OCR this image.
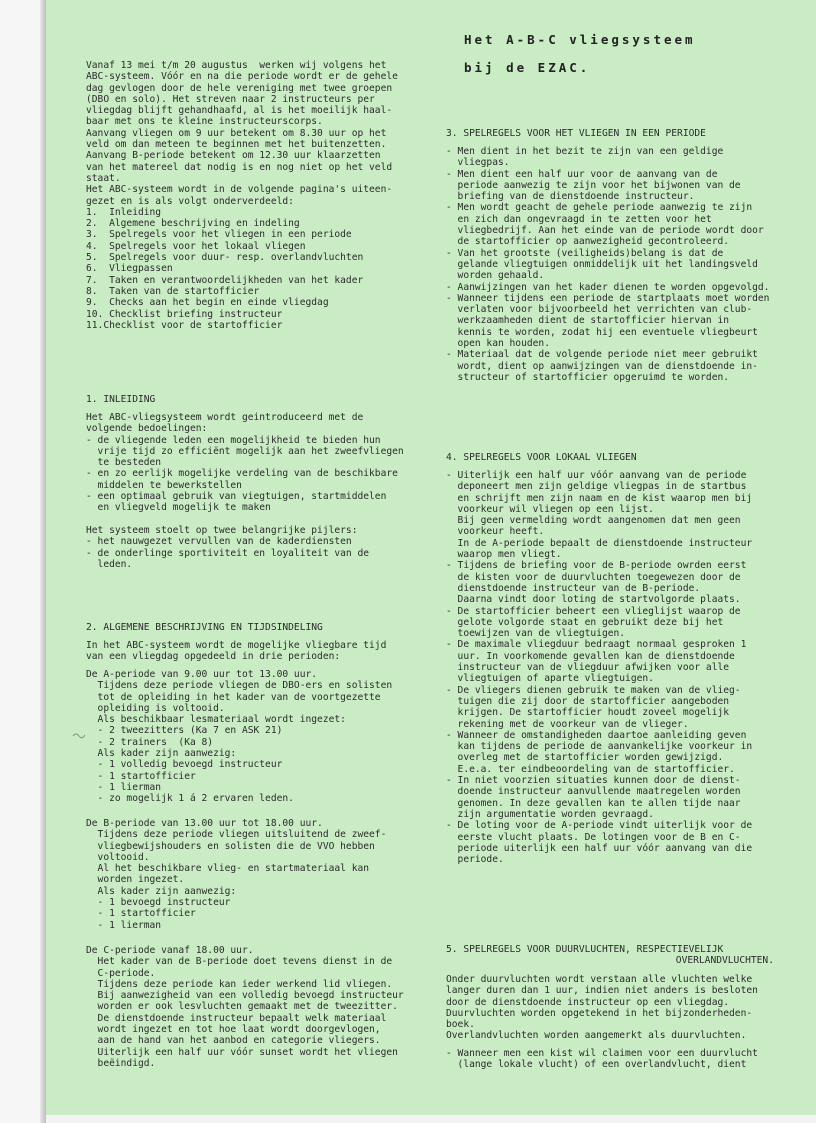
Het A-B-C vliegsysteem
bij de EZAC.
Vanaf 13 mei t/m 20 augustus  werken wij volgens het
ABC-systeem. Vóór en na die periode wordt er de gehele
dag gevlogen door de hele vereniging met twee groepen
(DBO en solo). Het streven naar 2 instructeurs per
vliegdag blijft gehandhaafd, al is het moeilijk haal-
baar met ons te kleine instructeurscorps.
Aanvang vliegen om 9 uur betekent om 8.30 uur op het
veld om dan meteen te beginnen met het buitenzetten.
Aanvang B-periode betekent om 12.30 uur klaarzetten
van het matereel dat nodig is en nog niet op het veld
staat.
Het ABC-systeem wordt in de volgende pagina's uiteen-
gezet en is als volgt onderverdeeld:
1.  Inleiding
2.  Algemene beschrijving en indeling
3.  Spelregels voor het vliegen in een periode
4.  Spelregels voor het lokaal vliegen
5.  Spelregels voor duur- resp. overlandvluchten
6.  Vliegpassen
7.  Taken en verantwoordelijkheden van het kader
8.  Taken van de startofficier
9.  Checks aan het begin en einde vliegdag
10. Checklist briefing instructeur
11.Checklist voor de startofficier
1. INLEIDING
Het ABC-vliegsysteem wordt geintroduceerd met de
volgende bedoelingen:
- de vliegende leden een mogelijkheid te bieden hun
vrije tijd zo efficiënt mogelijk aan het zweefvliegen
te besteden
- en zo eerlijk mogelijke verdeling van de beschikbare
middelen te bewerkstellen
- een optimaal gebruik van viegtuigen, startmiddelen
en vliegveld mogelijk te maken
Het systeem stoelt op twee belangrijke pijlers:
- het nauwgezet vervullen van de kaderdiensten
- de onderlinge sportiviteit en loyaliteit van de
leden.
2. ALGEMENE BESCHRIJVING EN TIJDSINDELING
In het ABC-systeem wordt de mogelijke vliegbare tijd
van een vliegdag opgedeeld in drie perioden:
De A-periode van 9.00 uur tot 13.00 uur.
Tijdens deze periode vliegen de DBO-ers en solisten
tot de opleiding in het kader van de voortgezette
opleiding is voltooid.
Als beschikbaar lesmateriaal wordt ingezet:
- 2 tweezitters (Ka 7 en ASK 21)
- 2 trainers  (Ka 8)
Als kader zijn aanwezig:
- 1 volledig bevoegd instructeur
- 1 startofficier
- 1 lierman
- zo mogelijk 1 á 2 ervaren leden.
De B-periode van 13.00 uur tot 18.00 uur.
Tijdens deze periode vliegen uitsluitend de zweef-
vliegbewijshouders en solisten die de VVO hebben
voltooid.
Al het beschikbare vlieg- en startmateriaal kan
worden ingezet.
Als kader zijn aanwezig:
- 1 bevoegd instructeur
- 1 startofficier
- 1 lierman
De C-periode vanaf 18.00 uur.
Het kader van de B-periode doet tevens dienst in de
C-periode.
Tijdens deze periode kan ieder werkend lid vliegen.
Bij aanwezigheid van een volledig bevoegd instructeur
worden er ook lesvluchten gemaakt met de tweezitter.
De dienstdoende instructeur bepaalt welk materiaal
wordt ingezet en tot hoe laat wordt doorgevlogen,
aan de hand van het aanbod en categorie vliegers.
Uiterlijk een half uur vóór sunset wordt het vliegen
beëindigd.
3. SPELREGELS VOOR HET VLIEGEN IN EEN PERIODE
- Men dient in het bezit te zijn van een geldige
vliegpas.
- Men dient een half uur voor de aanvang van de
periode aanwezig te zijn voor het bijwonen van de
briefing van de dienstdoende instructeur.
- Men wordt geacht de gehele periode aanwezig te zijn
en zich dan ongevraagd in te zetten voor het
vliegbedrijf. Aan het einde van de periode wordt door
de startofficier op aanwezigheid gecontroleerd.
- Van het grootste (veiligheids)belang is dat de
gelande vliegtuigen onmiddelijk uit het landingsveld
worden gehaald.
- Aanwijzingen van het kader dienen te worden opgevolgd.
- Wanneer tijdens een periode de startplaats moet worden
verlaten voor bijvoorbeeld het verrichten van club-
werkzaamheden dient de startofficier hiervan in
kennis te worden, zodat hij een eventuele vliegbeurt
open kan houden.
- Materiaal dat de volgende periode niet meer gebruikt
wordt, dient op aanwijzingen van de dienstdoende in-
structeur of startofficier opgeruimd te worden.
4. SPELREGELS VOOR LOKAAL VLIEGEN
- Uiterlijk een half uur vóór aanvang van de periode
deponeert men zijn geldige vliegpas in de startbus
en schrijft men zijn naam en de kist waarop men bij
voorkeur wil vliegen op een lijst.
Bij geen vermelding wordt aangenomen dat men geen
voorkeur heeft.
In de A-periode bepaalt de dienstdoende instructeur
waarop men vliegt.
- Tijdens de briefing voor de B-periode owrden eerst
de kisten voor de duurvluchten toegewezen door de
dienstdoende instructeur van de B-periode.
Daarna vindt door loting de startvolgorde plaats.
- De startofficier beheert een vlieglijst waarop de
gelote volgorde staat en gebruikt deze bij het
toewijzen van de vliegtuigen.
- De maximale vliegduur bedraagt normaal gesproken 1
uur. In voorkomende gevallen kan de dienstdoende
instructeur van de vliegduur afwijken voor alle
vliegtuigen of aparte vliegtuigen.
- De vliegers dienen gebruik te maken van de vlieg-
tuigen die zij door de startofficier aangeboden
krijgen. De startofficier houdt zoveel mogelijk
rekening met de voorkeur van de vlieger.
- Wanneer de omstandigheden daartoe aanleiding geven
kan tijdens de periode de aanvankelijke voorkeur in
overleg met de startofficier worden gewijzigd.
E.e.a. ter eindbeoordeling van de startofficier.
- In niet voorzien situaties kunnen door de dienst-
doende instructeur aanvullende maatregelen worden
genomen. In deze gevallen kan te allen tijde naar
zijn argumentatie worden gevraagd.
- De loting voor de A-periode vindt uiterlijk voor de
eerste vlucht plaats. De lotingen voor de B en C-
periode uiterlijk een half uur vóór aanvang van die
periode.
5. SPELREGELS VOOR DUURVLUCHTEN, RESPECTIEVELIJK
OVERLANDVLUCHTEN.
Onder duurvluchten wordt verstaan alle vluchten welke
langer duren dan 1 uur, indien niet anders is besloten
door de dienstdoende instructeur op een vliegdag.
Duurvluchten worden opgetekend in het bijzonderheden-
boek.
Overlandvluchten worden aangemerkt als duurvluchten.
- Wanneer men een kist wil claimen voor een duurvlucht
(lange lokale vlucht) of een overlandvlucht, dient
